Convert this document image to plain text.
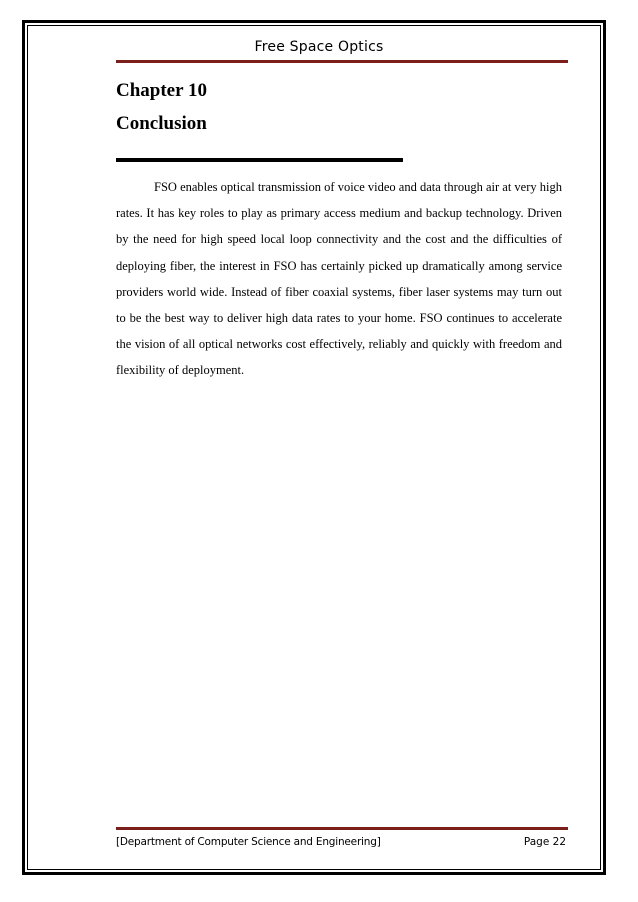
Free Space Optics
Chapter 10
Conclusion

FSO enables optical transmission of voice video and data through air at very high rates. It has key roles to play as primary access medium and backup technology. Driven by the need for high speed local loop connectivity and the cost and the difficulties of deploying fiber, the interest in FSO has certainly picked up dramatically among service providers world wide. Instead of fiber coaxial systems, fiber laser systems may turn out to be the best way to deliver high data rates to your home. FSO continues to accelerate the vision of all optical networks cost effectively, reliably and quickly with freedom and flexibility of deployment.

[Department of Computer Science and Engineering]	Page 22
